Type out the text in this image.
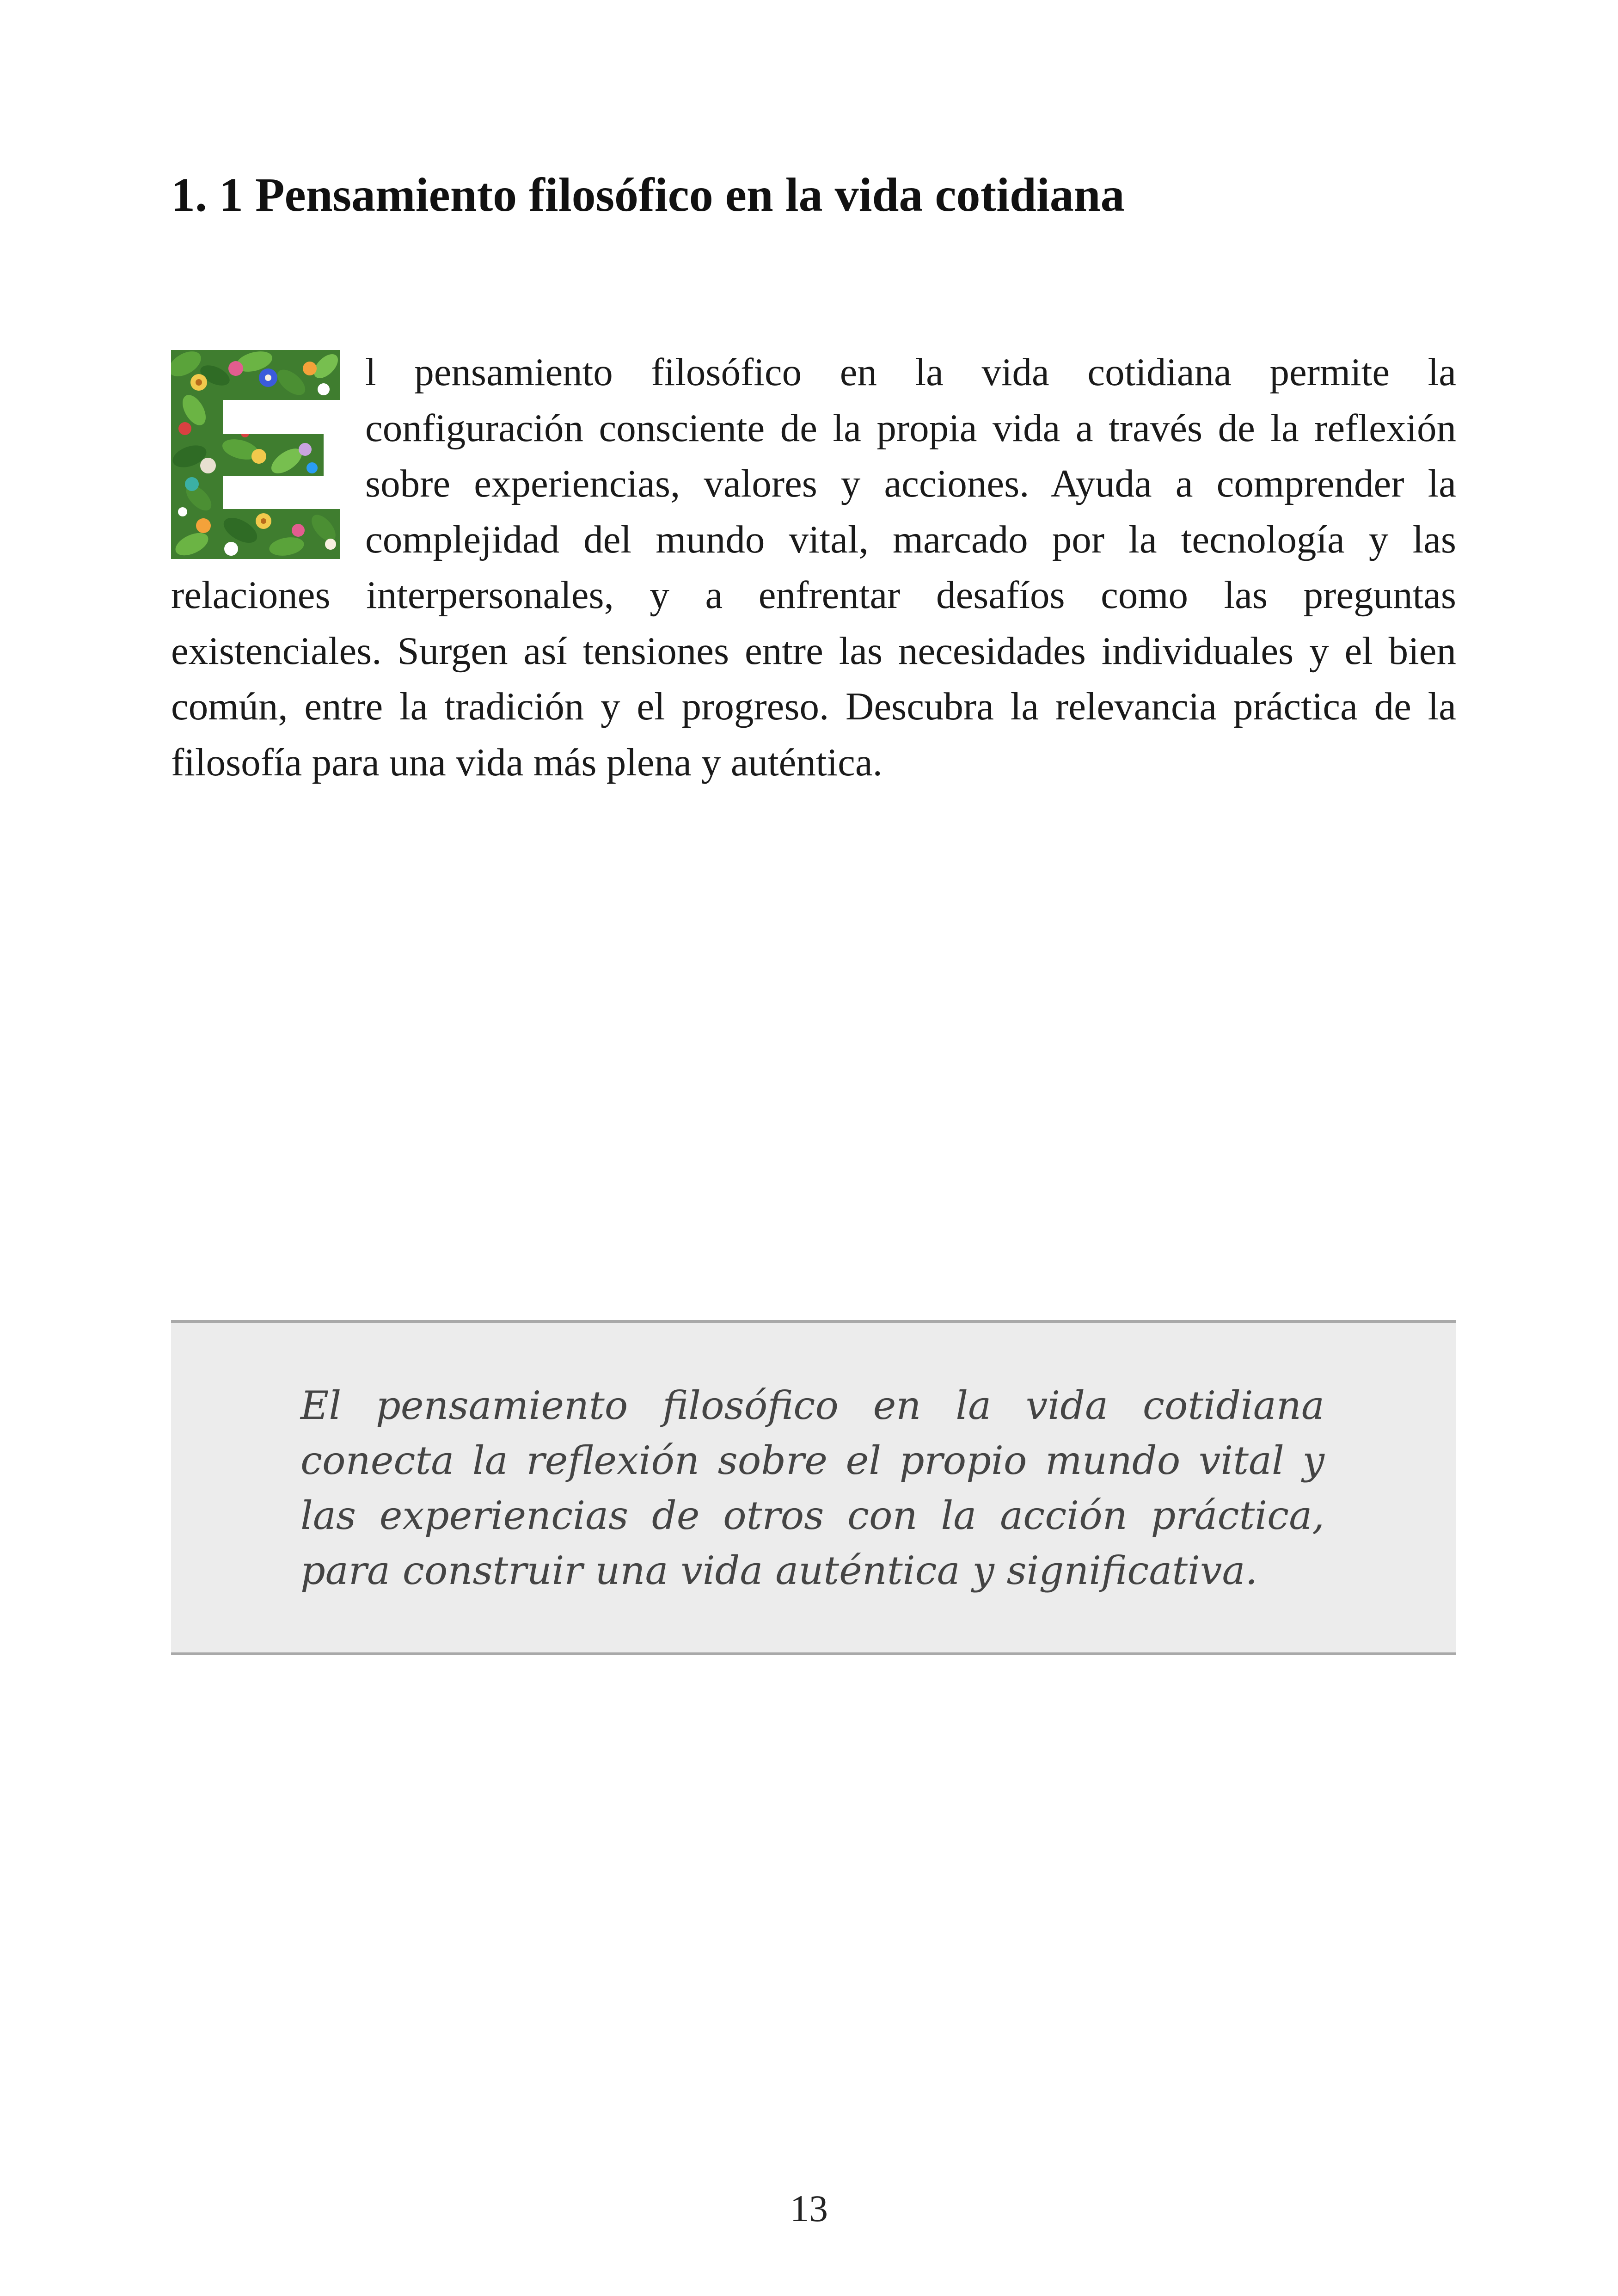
1. 1 Pensamiento filosófico en la vida cotidiana
l pensamiento filosófico en la vida cotidiana permite la configuración consciente de la propia vida a través de la reflexión sobre experiencias, valores y acciones. Ayuda a comprender la complejidad del mundo vital, marcado por la tecnología y las relaciones interpersonales, y a enfrentar desafíos como las preguntas existenciales. Surgen así tensiones entre las necesidades individuales y el bien común, entre la tradición y el progreso. Descubra la relevancia práctica de la filosofía para una vida más plena y auténtica.

El pensamiento filosófico en la vida cotidiana conecta la reflexión sobre el propio mundo vital y las experiencias de otros con la acción práctica, para construir una vida auténtica y significativa.

13
